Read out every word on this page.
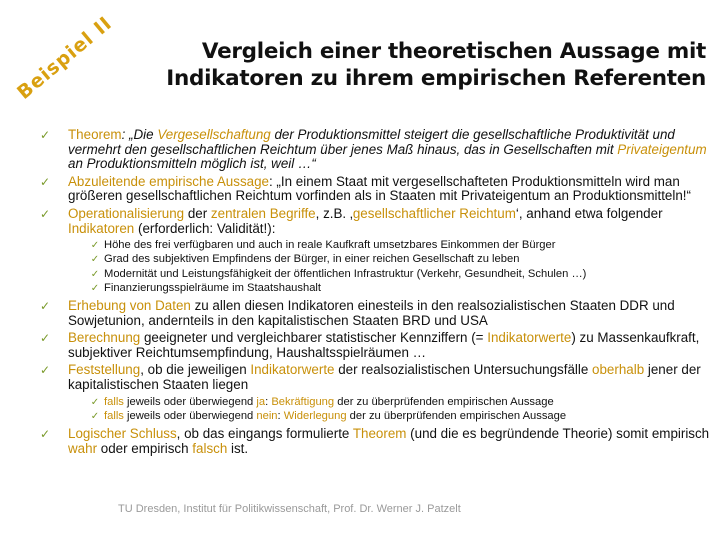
Beispiel II	Vergleich einer theoretischen Aussage mit
Indikatoren zu ihrem empirischen Referenten
✓ Theorem: „Die Vergesellschaftung der Produktionsmittel steigert die gesellschaftliche Produktivität und vermehrt den gesellschaftlichen Reichtum über jenes Maß hinaus, das in Gesellschaften mit Privateigentum an Produktionsmitteln möglich ist, weil …“
✓ Abzuleitende empirische Aussage: „In einem Staat mit vergesellschafteten Produktionsmitteln wird man größeren gesellschaftlichen Reichtum vorfinden als in Staaten mit Privateigentum an Produktionsmitteln!“
✓ Operationalisierung der zentralen Begriffe, z.B. ‚gesellschaftlicher Reichtum‘, anhand etwa folgender Indikatoren (erforderlich: Validität!):
✓ Höhe des frei verfügbaren und auch in reale Kaufkraft umsetzbares Einkommen der Bürger
✓ Grad des subjektiven Empfindens der Bürger, in einer reichen Gesellschaft zu leben
✓ Modernität und Leistungsfähigkeit der öffentlichen Infrastruktur (Verkehr, Gesundheit, Schulen …)
✓ Finanzierungsspielräume im Staatshaushalt
✓ Erhebung von Daten zu allen diesen Indikatoren einesteils in den realsozialistischen Staaten DDR und Sowjetunion, andernteils in den kapitalistischen Staaten BRD und USA
✓ Berechnung geeigneter und vergleichbarer statistischer Kennziffern (= Indikatorwerte) zu Massenkaufkraft, subjektiver Reichtumsempfindung, Haushaltsspielräumen …
✓ Feststellung, ob die jeweiligen Indikatorwerte der realsozialistischen Untersuchungsfälle oberhalb jener der kapitalistischen Staaten liegen
✓ falls jeweils oder überwiegend ja: Bekräftigung der zu überprüfenden empirischen Aussage
✓ falls jeweils oder überwiegend nein: Widerlegung der zu überprüfenden empirischen Aussage
✓ Logischer Schluss, ob das eingangs formulierte Theorem (und die es begründende Theorie) somit empirisch wahr oder empirisch falsch ist.
TU Dresden, Institut für Politikwissenschaft, Prof. Dr. Werner J. Patzelt
